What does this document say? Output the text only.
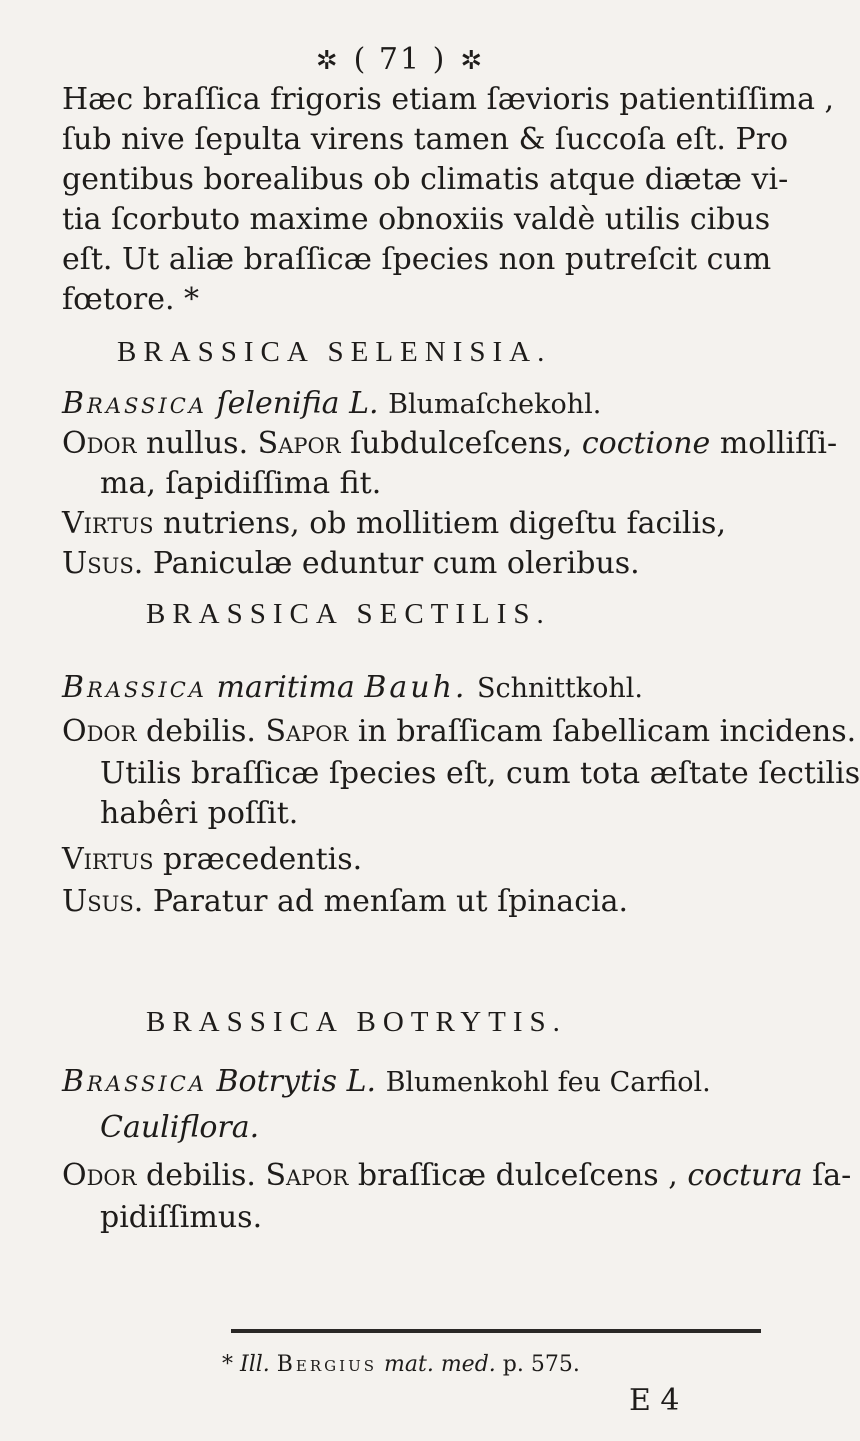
✲ ( 71 ) ✲
Hæc braſſica frigoris etiam ſævioris patientiſſima ,
ſub nive ſepulta virens tamen & ſuccoſa eſt. Pro
gentibus borealibus ob climatis atque diætæ vi-
tia ſcorbuto maxime obnoxiis valdè utilis cibus
eſt. Ut aliæ braſſicæ ſpecies non putreſcit cum
fœtore. *
BRASSICA SELENISIA.
Brassica ſelenifia L. Blumaſchekohl.
Odor nullus. Sapor ſubdulceſcens, coctione molliſſi-
ma, ſapidiſſima fit.
Virtus nutriens, ob mollitiem digeſtu facilis,
Usus. Paniculæ eduntur cum oleribus.
BRASSICA SECTILIS.
Brassica maritima Bauh. Schnittkohl.
Odor debilis. Sapor in braſſicam ſabellicam incidens.
Utilis braſſicæ ſpecies eſt, cum tota æſtate ſectilis
habêri poſſit.
Virtus præcedentis.
Usus. Paratur ad menſam ut ſpinacia.
BRASSICA BOTRYTIS.
Brassica Botrytis L. Blumenkohl feu Carfiol.
Cauliflora.
Odor debilis. Sapor braſſicæ dulceſcens , coctura ſa-
pidiſſimus.
* Ill. Bergius mat. med. p. 575.
E 4
